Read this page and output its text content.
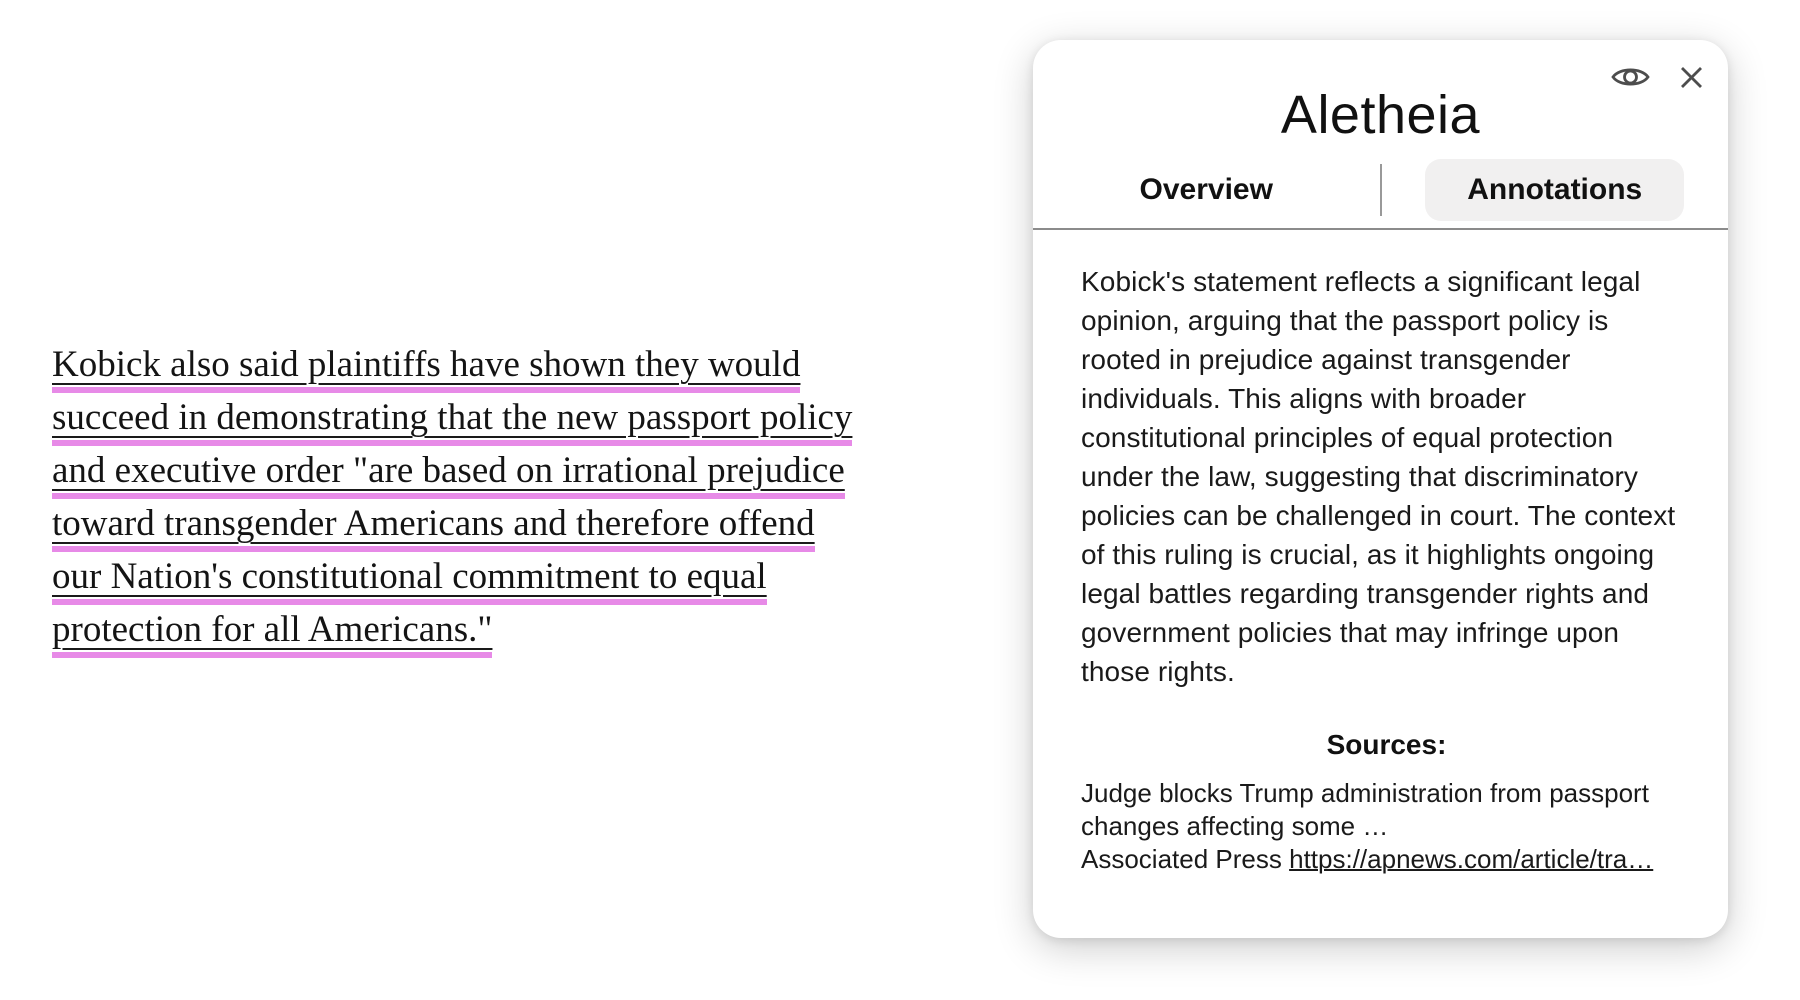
Kobick also said plaintiffs have shown they would
succeed in demonstrating that the new passport policy
and executive order "are based on irrational prejudice
toward transgender Americans and therefore offend
our Nation's constitutional commitment to equal
protection for all Americans."
Aletheia
Overview	Annotations
Kobick's statement reflects a significant legal opinion, arguing that the passport policy is rooted in prejudice against transgender individuals. This aligns with broader constitutional principles of equal protection under the law, suggesting that discriminatory policies can be challenged in court. The context of this ruling is crucial, as it highlights ongoing legal battles regarding transgender rights and government policies that may infringe upon those rights.
Sources:
Judge blocks Trump administration from passport changes affecting some …
Associated Press https://apnews.com/article/tra…
